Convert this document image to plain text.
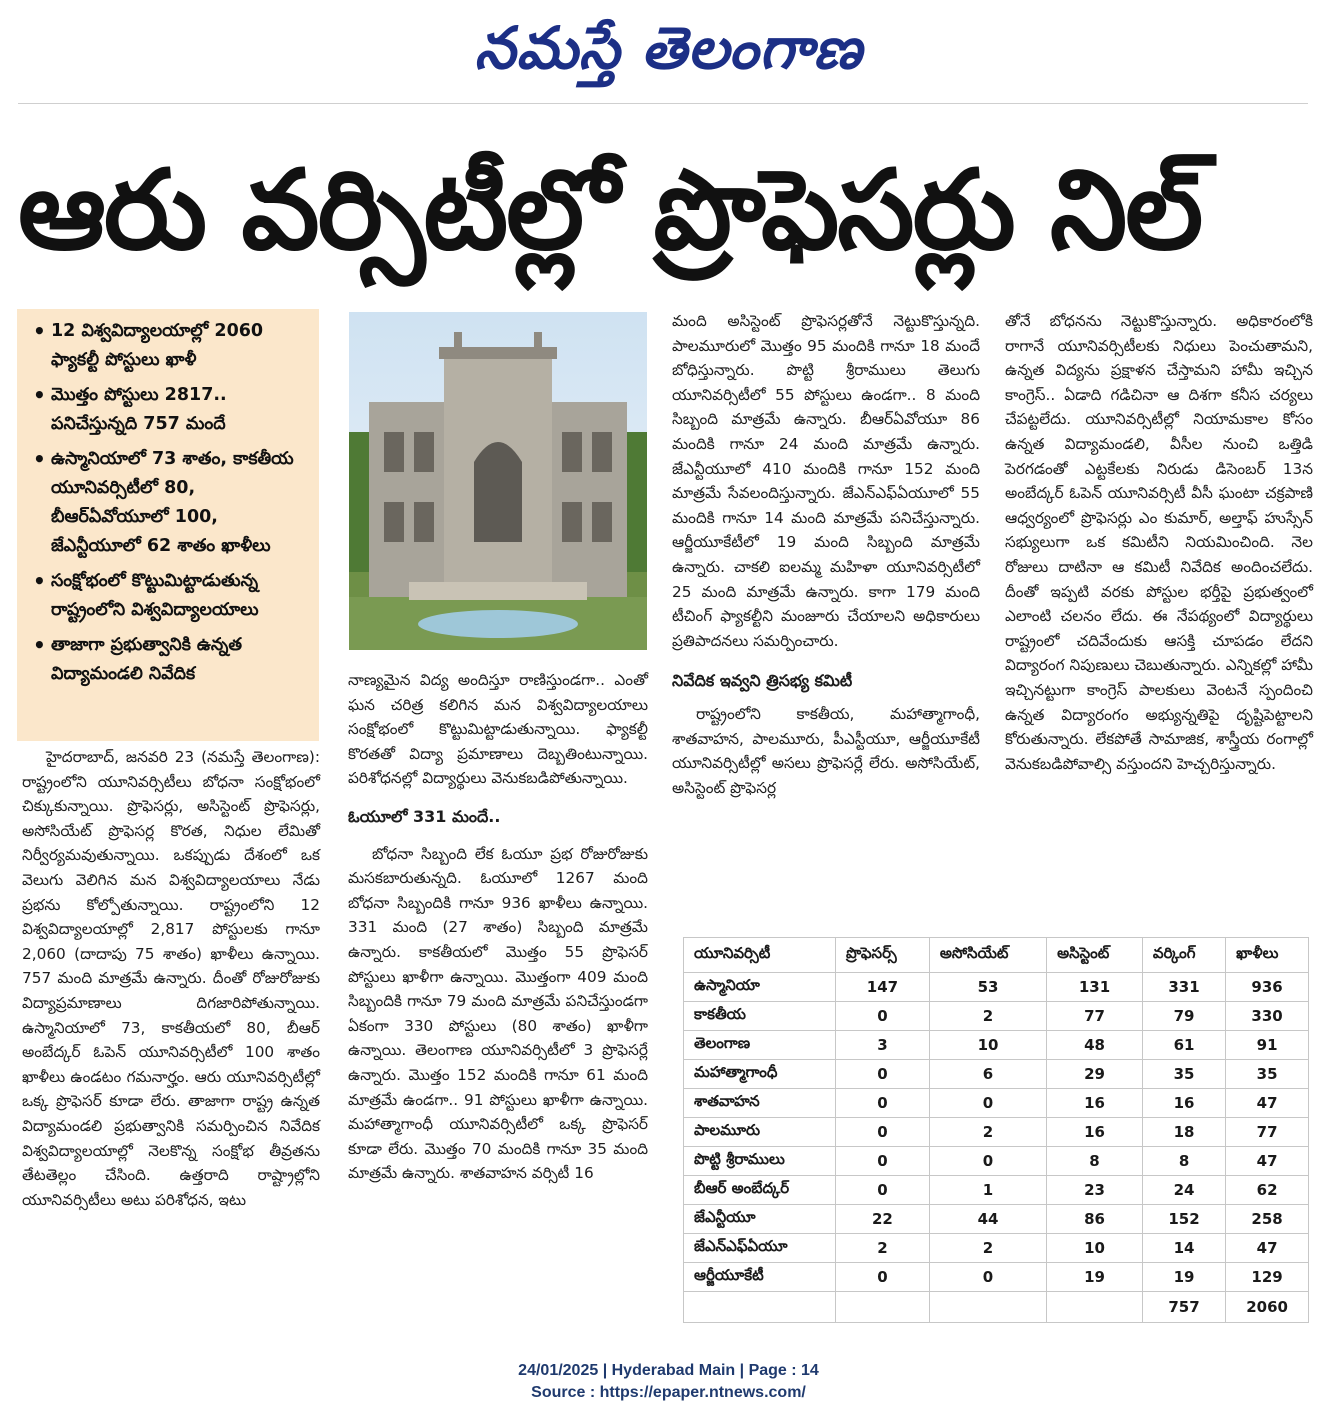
నమస్తే తెలంగాణ
ఆరు వర్సిటీల్లో ప్రొఫెసర్లు నిల్
• 12 విశ్వవిద్యాలయాల్లో 2060 ఫ్యాకల్టీ పోస్టులు ఖాళీ
• మొత్తం పోస్టులు 2817.. పనిచేస్తున్నది 757 మందే
• ఉస్మానియాలో 73 శాతం, కాకతీయ యూనివర్సిటీలో 80, బీఆర్ఏవోయూలో 100, జేఎన్టీయూలో 62 శాతం ఖాళీలు
• సంక్షోభంలో కొట్టుమిట్టాడుతున్న రాష్ట్రంలోని విశ్వవిద్యాలయాలు
• తాజాగా ప్రభుత్వానికి ఉన్నత విద్యామండలి నివేదిక

హైదరాబాద్, జనవరి 23 (నమస్తే తెలంగాణ): రాష్ట్రంలోని యూనివర్సిటీలు బోధనా సంక్షోభంలో చిక్కుకున్నాయి. ప్రొఫెసర్లు, అసిస్టెంట్ ప్రొఫెసర్లు, అసోసియేట్ ప్రొఫెసర్ల కొరత, నిధుల లేమితో నిర్వీర్యమవుతున్నాయి. ఒకప్పుడు దేశంలో ఒక వెలుగు వెలిగిన మన విశ్వవిద్యాలయాలు నేడు ప్రభను కోల్పోతున్నాయి. రాష్ట్రంలోని 12 విశ్వవిద్యాలయాల్లో 2,817 పోస్టులకు గానూ 2,060 (దాదాపు 75 శాతం) ఖాళీలు ఉన్నాయి. 757 మంది మాత్రమే ఉన్నారు. దీంతో రోజురోజుకు విద్యాప్రమాణాలు దిగజారిపోతున్నాయి. ఉస్మానియాలో 73, కాకతీయలో 80, బీఆర్ అంబేద్కర్ ఓపెన్ యూనివర్సిటీలో 100 శాతం ఖాళీలు ఉండటం గమనార్హం. ఆరు యూనివర్సిటీల్లో ఒక్క ప్రొఫెసర్ కూడా లేరు. తాజాగా రాష్ట్ర ఉన్నత విద్యామండలి ప్రభుత్వానికి సమర్పించిన నివేదిక విశ్వవిద్యాలయాల్లో నెలకొన్న సంక్షోభ తీవ్రతను తేటతెల్లం చేసింది. ఉత్తరాది రాష్ట్రాల్లోని యూనివర్సిటీలు అటు పరిశోధన, ఇటు

నాణ్యమైన విద్య అందిస్తూ రాణిస్తుండగా.. ఎంతో ఘన చరిత్ర కలిగిన మన విశ్వవిద్యాలయాలు సంక్షోభంలో కొట్టుమిట్టాడుతున్నాయి. ఫ్యాకల్టీ కొరతతో విద్యా ప్రమాణాలు దెబ్బతింటున్నాయి. పరిశోధనల్లో విద్యార్థులు వెనుకబడిపోతున్నాయి.

ఓయూలో 331 మందే..

బోధనా సిబ్బంది లేక ఓయూ ప్రభ రోజురోజుకు మసకబారుతున్నది. ఓయూలో 1267 మంది బోధనా సిబ్బందికి గానూ 936 ఖాళీలు ఉన్నాయి. 331 మంది (27 శాతం) సిబ్బంది మాత్రమే ఉన్నారు. కాకతీయలో మొత్తం 55 ప్రొఫెసర్ పోస్టులు ఖాళీగా ఉన్నాయి. మొత్తంగా 409 మంది సిబ్బందికి గానూ 79 మంది మాత్రమే పనిచేస్తుండగా ఏకంగా 330 పోస్టులు (80 శాతం) ఖాళీగా ఉన్నాయి. తెలంగాణ యూనివర్సిటీలో 3 ప్రొఫెసర్లే ఉన్నారు. మొత్తం 152 మందికి గానూ 61 మంది మాత్రమే ఉండగా.. 91 పోస్టులు ఖాళీగా ఉన్నాయి. మహాత్మాగాంధీ యూనివర్సిటీలో ఒక్క ప్రొఫెసర్ కూడా లేరు. మొత్తం 70 మందికి గానూ 35 మంది మాత్రమే ఉన్నారు. శాతవాహన వర్సిటీ 16

మంది అసిస్టెంట్ ప్రొఫెసర్లతోనే నెట్టుకొస్తున్నది. పాలమూరులో మొత్తం 95 మందికి గానూ 18 మందే బోధిస్తున్నారు. పొట్టి శ్రీరాములు తెలుగు యూనివర్సిటీలో 55 పోస్టులు ఉండగా.. 8 మంది సిబ్బంది మాత్రమే ఉన్నారు. బీఆర్ఏవోయూ 86 మందికి గానూ 24 మంది మాత్రమే ఉన్నారు. జేఎన్టీయూలో 410 మందికి గానూ 152 మంది మాత్రమే సేవలందిస్తున్నారు. జేఎన్ఎఫ్ఏయూలో 55 మందికి గానూ 14 మంది మాత్రమే పనిచేస్తున్నారు. ఆర్జీయూకేటీలో 19 మంది సిబ్బంది మాత్రమే ఉన్నారు. చాకలి ఐలమ్మ మహిళా యూనివర్సిటీలో 25 మంది మాత్రమే ఉన్నారు. కాగా 179 మంది టీచింగ్ ఫ్యాకల్టీని మంజూరు చేయాలని అధికారులు ప్రతిపాదనలు సమర్పించారు.

నివేదిక ఇవ్వని త్రిసభ్య కమిటీ

రాష్ట్రంలోని కాకతీయ, మహాత్మాగాంధీ, శాతవాహన, పాలమూరు, పీఎస్టీయూ, ఆర్జీయూకేటీ యూనివర్సిటీల్లో అసలు ప్రొఫెసర్లే లేరు. అసోసియేట్, అసిస్టెంట్ ప్రొఫెసర్ల

తోనే బోధనను నెట్టుకొస్తున్నారు. అధికారంలోకి రాగానే యూనివర్సిటీలకు నిధులు పెంచుతామని, ఉన్నత విద్యను ప్రక్షాళన చేస్తామని హామీ ఇచ్చిన కాంగ్రెస్.. ఏడాది గడిచినా ఆ దిశగా కనీస చర్యలు చేపట్టలేదు. యూనివర్సిటీల్లో నియామకాల కోసం ఉన్నత విద్యామండలి, వీసీల నుంచి ఒత్తిడి పెరగడంతో ఎట్టకేలకు నిరుడు డిసెంబర్ 13న అంబేద్కర్ ఓపెన్ యూనివర్సిటీ వీసీ ఘంటా చక్రపాణి ఆధ్వర్యంలో ప్రొఫెసర్లు ఎం కుమార్, అల్తాఫ్ హుస్సేన్ సభ్యులుగా ఒక కమిటీని నియమించింది. నెల రోజులు దాటినా ఆ కమిటీ నివేదిక అందించలేదు. దీంతో ఇప్పటి వరకు పోస్టుల భర్తీపై ప్రభుత్వంలో ఎలాంటి చలనం లేదు. ఈ నేపథ్యంలో విద్యార్థులు రాష్ట్రంలో చదివేందుకు ఆసక్తి చూపడం లేదని విద్యారంగ నిపుణులు చెబుతున్నారు. ఎన్నికల్లో హామీ ఇచ్చినట్టుగా కాంగ్రెస్ పాలకులు వెంటనే స్పందించి ఉన్నత విద్యారంగం అభ్యున్నతిపై దృష్టిపెట్టాలని కోరుతున్నారు. లేకపోతే సామాజిక, శాస్త్రీయ రంగాల్లో వెనుకబడిపోవాల్సి వస్తుందని హెచ్చరిస్తున్నారు.

యూనివర్సిటీ	ప్రొఫెసర్స్	అసోసియేట్	అసిస్టెంట్	వర్కింగ్	ఖాళీలు
ఉస్మానియా	147	53	131	331	936
కాకతీయ	0	2	77	79	330
తెలంగాణ	3	10	48	61	91
మహాత్మాగాంధీ	0	6	29	35	35
శాతవాహన	0	0	16	16	47
పాలమూరు	0	2	16	18	77
పొట్టి శ్రీరాములు	0	0	8	8	47
బీఆర్ అంబేద్కర్	0	1	23	24	62
జేఎన్టీయూ	22	44	86	152	258
జేఎన్ఎఫ్ఏయూ	2	2	10	14	47
ఆర్జీయూకేటీ	0	0	19	19	129
				757	2060
24/01/2025 | Hyderabad Main | Page : 14
Source : https://epaper.ntnews.com/
